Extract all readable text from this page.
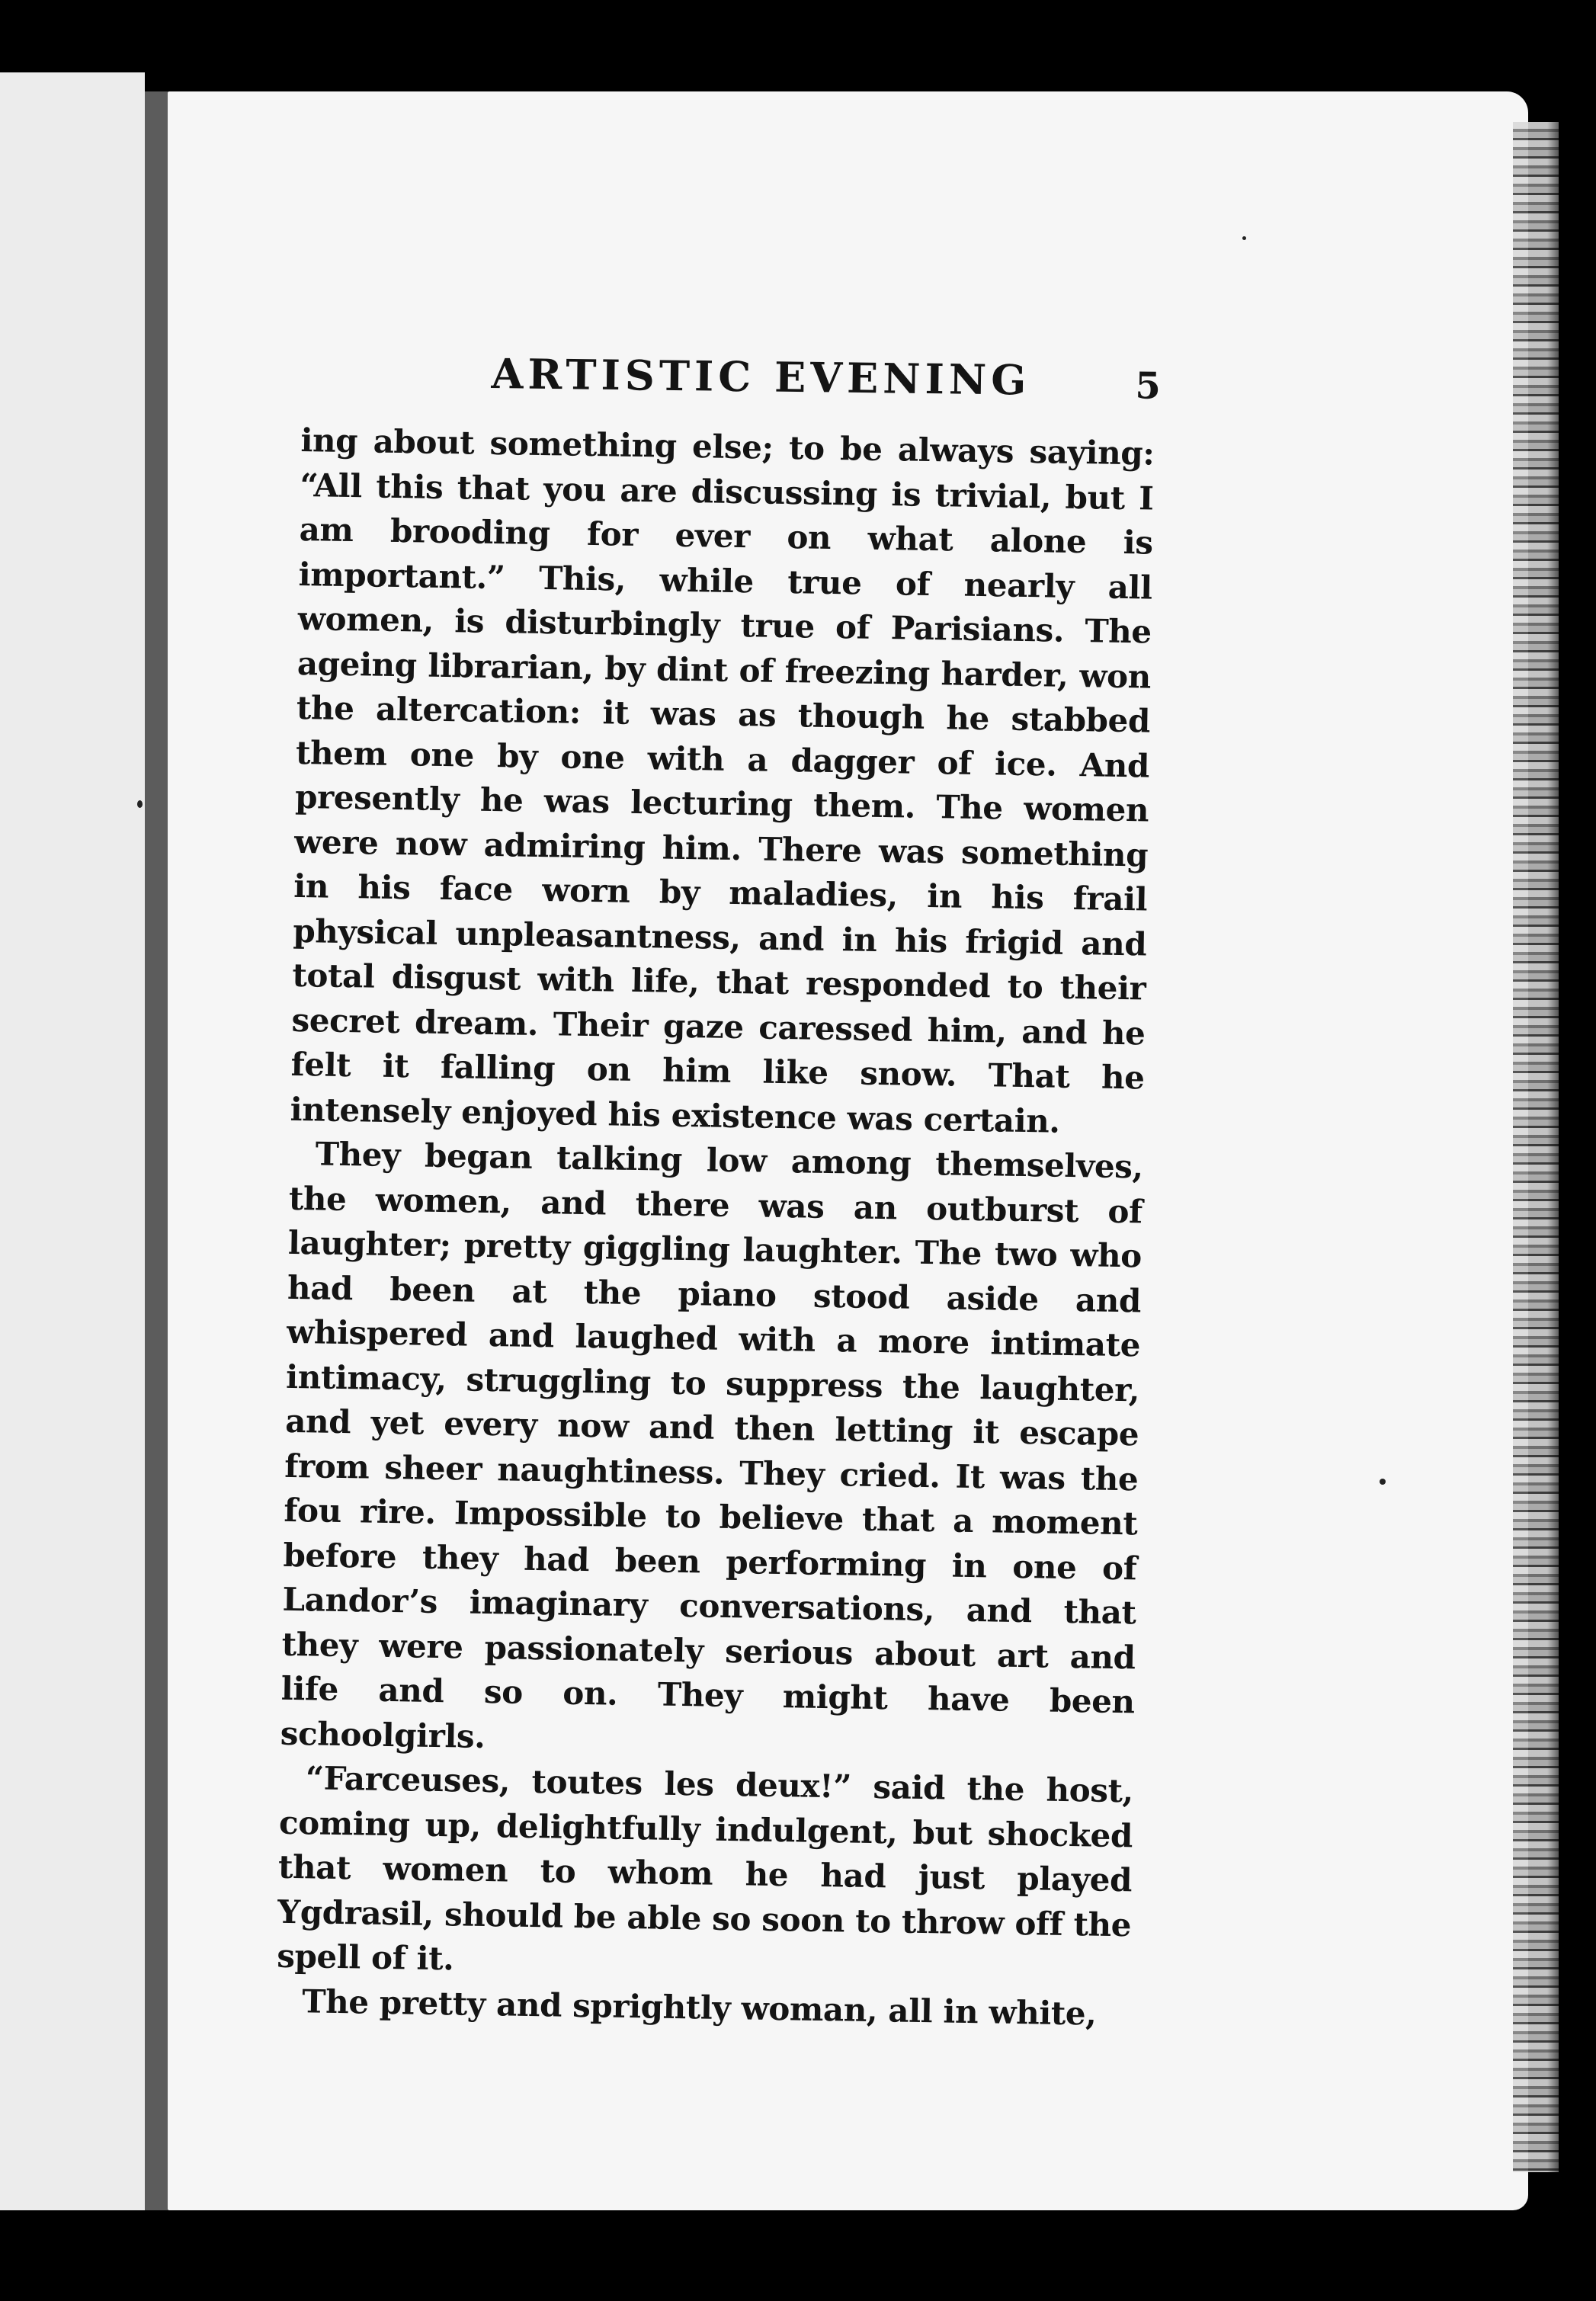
ARTISTIC EVENING	5

ing about something else; to be always saying: “All this that you are discussing is trivial, but I am brooding for ever on what alone is important.” This, while true of nearly all women, is disturbingly true of Parisians. The ageing librarian, by dint of freezing harder, won the altercation: it was as though he stabbed them one by one with a dagger of ice. And presently he was lecturing them. The women were now admiring him. There was something in his face worn by maladies, in his frail physical unpleasantness, and in his frigid and total disgust with life, that responded to their secret dream. Their gaze caressed him, and he felt it falling on him like snow. That he intensely enjoyed his existence was certain.

They began talking low among themselves, the women, and there was an outburst of laughter; pretty giggling laughter. The two who had been at the piano stood aside and whispered and laughed with a more intimate intimacy, struggling to suppress the laughter, and yet every now and then letting it escape from sheer naughtiness. They cried. It was the fou rire. Impossible to believe that a moment before they had been performing in one of Landor’s imaginary conversations, and that they were passionately serious about art and life and so on. They might have been schoolgirls.

“Farceuses, toutes les deux!” said the host, coming up, delightfully indulgent, but shocked that women to whom he had just played Ygdrasil, should be able so soon to throw off the spell of it.

The pretty and sprightly woman, all in white,
